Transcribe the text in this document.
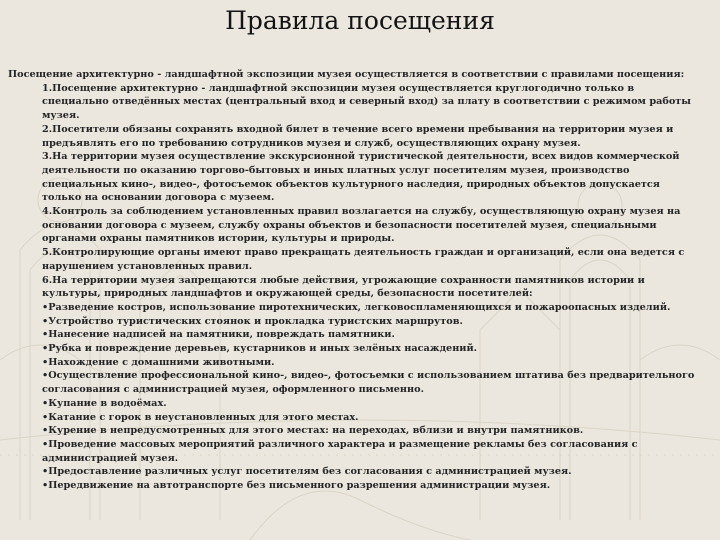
Правила посещения

Посещение архитектурно - ландшафтной экспозиции музея осуществляется в соответствии с правилами посещения:

1.Посещение архитектурно - ландшафтной экспозиции музея осуществляется круглогодично только в специально отведённых местах (центральный вход и северный вход) за плату в соответствии с режимом работы музея.

2.Посетители обязаны сохранять входной билет в течение всего времени пребывания на территории музея и предъявлять его по требованию сотрудников музея и служб, осуществляющих охрану музея.

3.На территории музея осуществление экскурсионной туристической деятельности, всех видов коммерческой деятельности по оказанию торгово-бытовых и иных платных услуг посетителям музея, производство специальных кино-, видео-, фотосъемок объектов культурного наследия, природных объектов допускается только на основании договора с музеем.

4.Контроль за соблюдением установленных правил возлагается на службу, осуществляющую охрану музея на основании договора с музеем, службу охраны объектов и безопасности посетителей музея, специальными органами охраны памятников истории, культуры и природы.

5.Контролирующие органы имеют право прекращать деятельность граждан и организаций, если она ведется с нарушением установленных правил.

6.На территории музея запрещаются любые действия, угрожающие сохранности памятников истории и культуры, природных ландшафтов и окружающей среды, безопасности посетителей:

•Разведение костров, использование пиротехнических, легковоспламеняющихся и пожароопасных изделий.
•Устройство туристических стоянок и прокладка туристских маршрутов.
•Нанесение надписей на памятники, повреждать памятники.
•Рубка и повреждение деревьев, кустарников и иных зелёных насаждений.
•Нахождение с домашними животными.
•Осуществление профессиональной кино-, видео-, фотосъемки с использованием штатива без предварительного согласования с администрацией музея, оформленного письменно.
•Купание в водоёмах.
•Катание с горок в неустановленных для этого местах.
•Курение в непредусмотренных для этого местах: на переходах, вблизи и внутри памятников.
•Проведение массовых мероприятий различного характера и размещение рекламы без согласования с администрацией музея.
•Предоставление различных услуг посетителям без согласования с администрацией музея.
•Передвижение на автотранспорте без письменного разрешения администрации музея.
